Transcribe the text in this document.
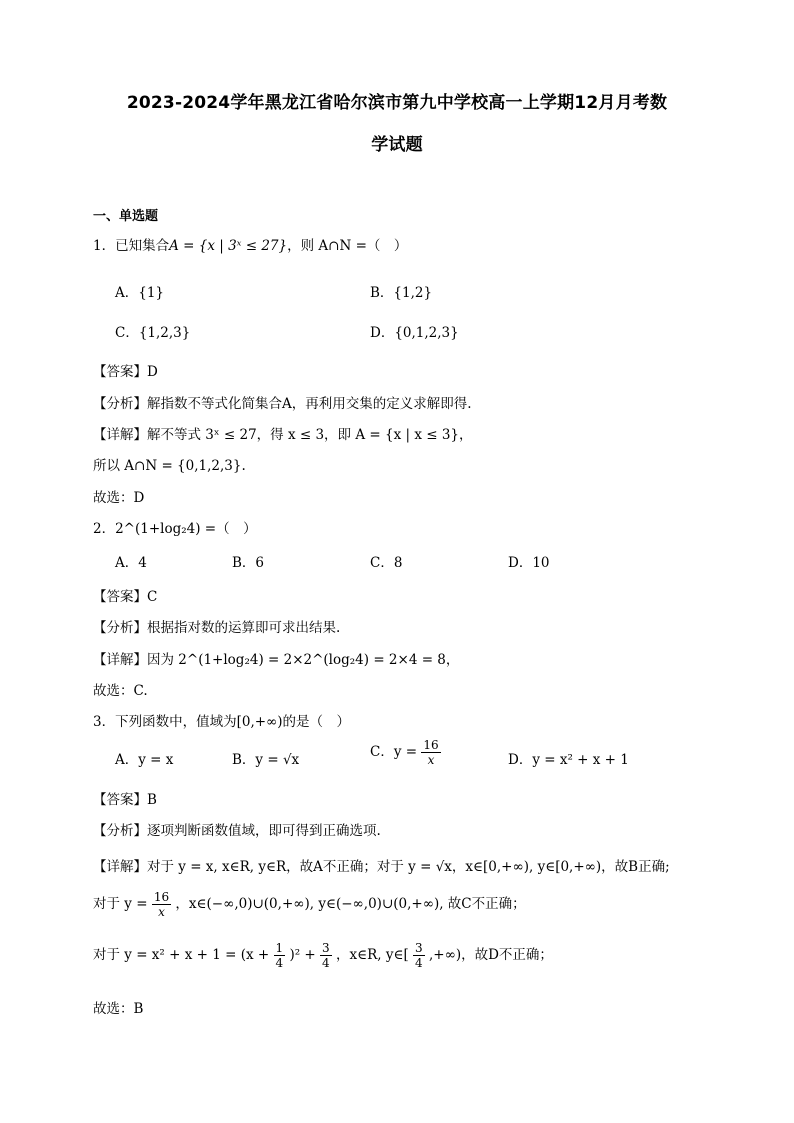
2023-2024学年黑龙江省哈尔滨市第九中学校高一上学期12月月考数
学试题
一、单选题
1．已知集合A = {x | 3ˣ ≤ 27}，则 A∩N =（　）
A．{1}	B．{1,2}
C．{1,2,3}	D．{0,1,2,3}
【答案】D
【分析】解指数不等式化简集合A，再利用交集的定义求解即得.
【详解】解不等式 3ˣ ≤ 27，得 x ≤ 3，即 A = {x | x ≤ 3}，
所以 A∩N = {0,1,2,3}.
故选：D
2．2^(1+log₂4) =（　）
A．4	B．6	C．8	D．10
【答案】C
【分析】根据指对数的运算即可求出结果.
【详解】因为 2^(1+log₂4) = 2×2^(log₂4) = 2×4 = 8，
故选：C.
3．下列函数中，值域为[0,+∞)的是（　）
A．y = x	B．y = √x	C．$y = \frac{16}{x}$	D．y = x² + x + 1
【答案】B
【分析】逐项判断函数值域，即可得到正确选项.
【详解】对于 y = x, x∈R, y∈R，故A不正确；对于 y = √x，x∈[0,+∞), y∈[0,+∞)，故B正确;
对于 $y = \frac{16}{x}$ ，x∈(−∞,0)∪(0,+∞), y∈(−∞,0)∪(0,+∞), 故C不正确；
对于 $y = x^2 + x + 1 = (x + \frac{1}{4} )^2 + \frac{3}{4}$ ，x∈R, y∈[ $\frac{3}{4}$ ,+∞)，故D不正确；
故选：B
